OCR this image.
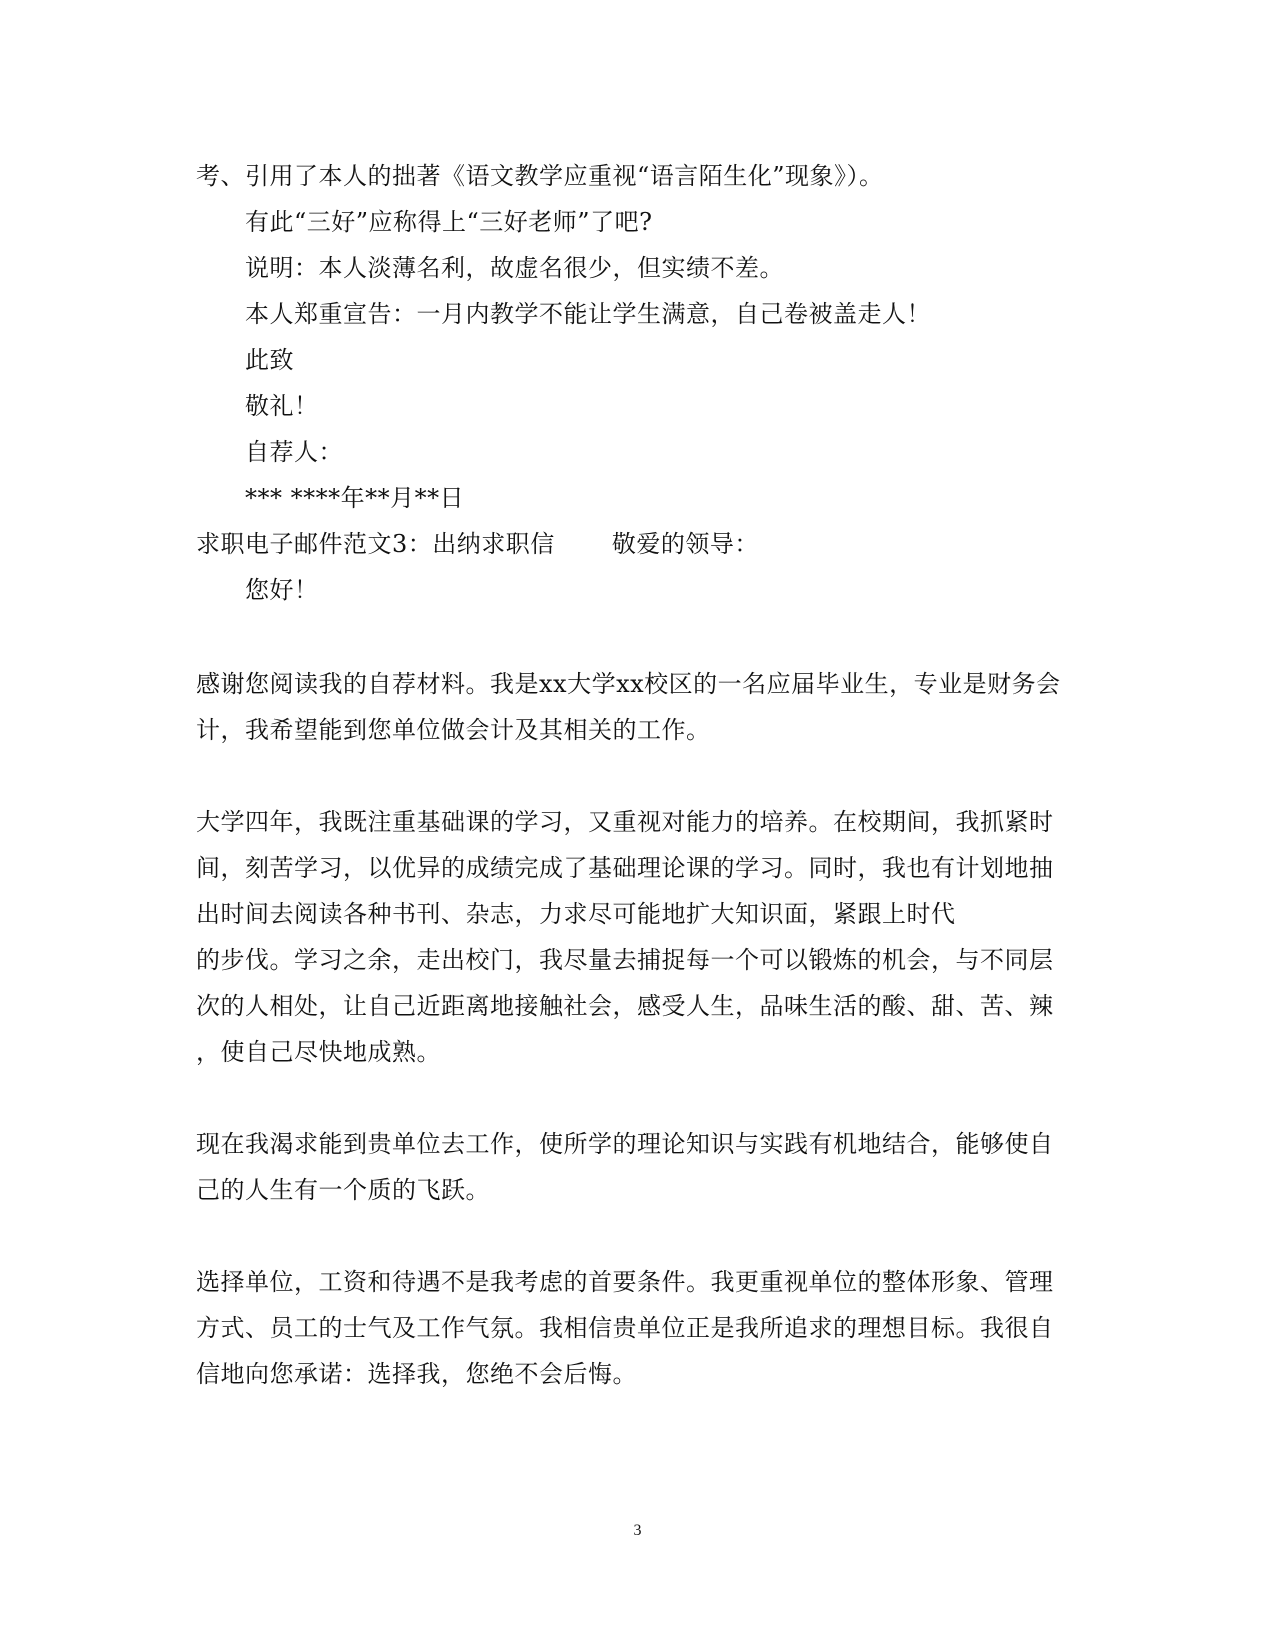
考、引用了本人的拙著《语文教学应重视“语言陌生化”现象》）。
有此“三好”应称得上“三好老师”了吧?
说明：本人淡薄名利，故虚名很少，但实绩不差。
本人郑重宣告：一月内教学不能让学生满意，自己卷被盖走人！
此致
敬礼！
自荐人：
*** ****年**月**日
求职电子邮件范文3：出纳求职信　　 敬爱的领导：
您好！
感谢您阅读我的自荐材料。我是xx大学xx校区的一名应届毕业生，专业是财务会
计，我希望能到您单位做会计及其相关的工作。
大学四年，我既注重基础课的学习，又重视对能力的培养。在校期间，我抓紧时
间，刻苦学习，以优异的成绩完成了基础理论课的学习。同时，我也有计划地抽
出时间去阅读各种书刊、杂志，力求尽可能地扩大知识面，紧跟上时代
的步伐。学习之余，走出校门，我尽量去捕捉每一个可以锻炼的机会，与不同层
次的人相处，让自己近距离地接触社会，感受人生，品味生活的酸、甜、苦、辣
，使自己尽快地成熟。
现在我渴求能到贵单位去工作，使所学的理论知识与实践有机地结合，能够使自
己的人生有一个质的飞跃。
选择单位，工资和待遇不是我考虑的首要条件。我更重视单位的整体形象、管理
方式、员工的士气及工作气氛。我相信贵单位正是我所追求的理想目标。我很自
信地向您承诺：选择我，您绝不会后悔。
3
